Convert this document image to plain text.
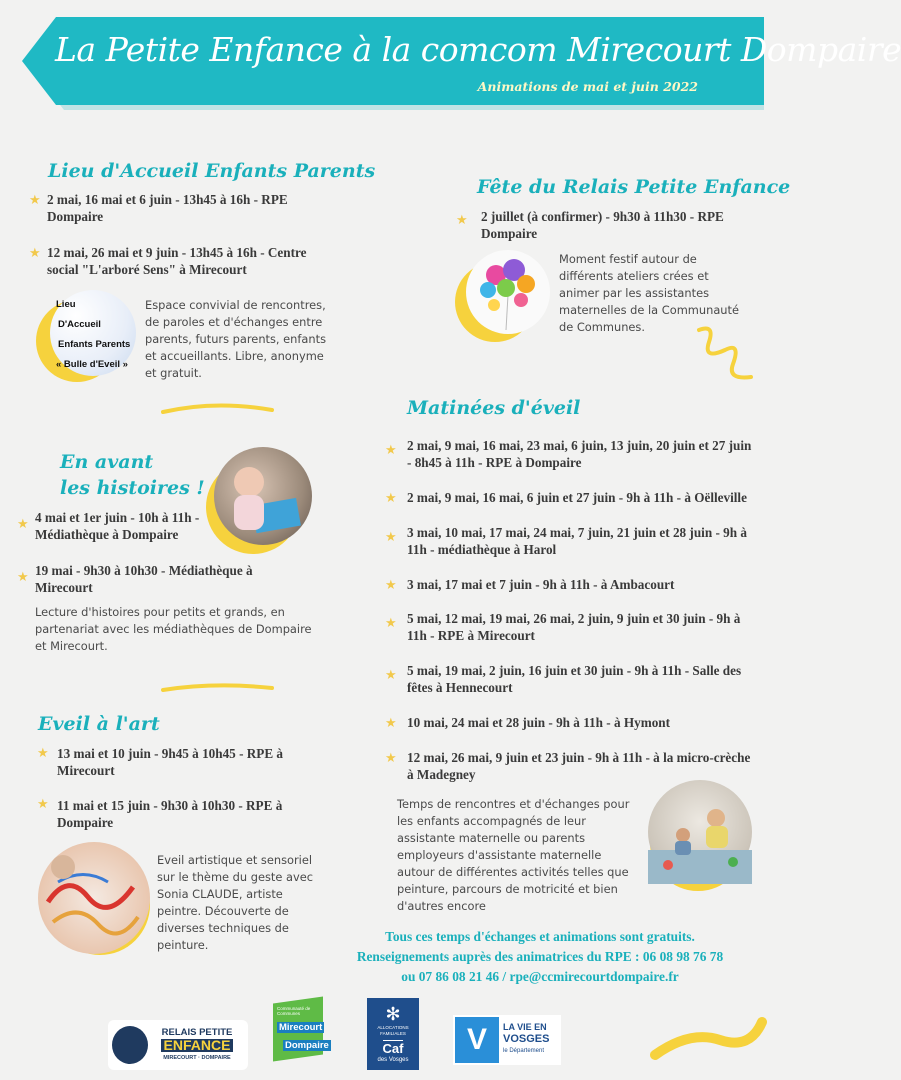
La Petite Enfance à la comcom Mirecourt Dompaire
Animations de mai et juin 2022
Lieu d'Accueil Enfants Parents
★ 2 mai, 16 mai et 6 juin - 13h45 à 16h - RPE Dompaire
★ 12 mai, 26 mai et 9 juin - 13h45 à 16h - Centre social "L'arboré Sens" à Mirecourt
Lieu
D'Accueil
Enfants Parents
« Bulle d'Eveil »
Espace convivial de rencontres, de paroles et d'échanges entre parents, futurs parents, enfants et accueillants. Libre, anonyme et gratuit.
Fête du Relais Petite Enfance
★ 2 juillet (à confirmer) - 9h30 à 11h30 - RPE Dompaire
Moment festif autour de différents ateliers crées et animer par les assistantes maternelles de la Communauté de Communes.
En avant
les histoires !
★ 4 mai et 1er juin - 10h à 11h - Médiathèque à Dompaire
★ 19 mai - 9h30 à 10h30 - Médiathèque à Mirecourt
Lecture d'histoires pour petits et grands, en partenariat avec les médiathèques de Dompaire et Mirecourt.
Eveil à l'art
★ 13 mai et 10 juin - 9h45 à 10h45 - RPE à Mirecourt
★ 11 mai et 15 juin - 9h30 à 10h30 - RPE à Dompaire
Eveil artistique et sensoriel sur le thème du geste avec Sonia CLAUDE, artiste peintre. Découverte de diverses techniques de peinture.
Matinées d'éveil
★ 2 mai, 9 mai, 16 mai, 23 mai, 6 juin, 13 juin, 20 juin et 27 juin - 8h45 à 11h - RPE à Dompaire
★ 2 mai, 9 mai, 16 mai, 6 juin et 27 juin - 9h à 11h - à Oëlleville
★ 3 mai, 10 mai, 17 mai, 24 mai, 7 juin, 21 juin et 28 juin - 9h à 11h - médiathèque à Harol
★ 3 mai, 17 mai et 7 juin - 9h à 11h - à Ambacourt
★ 5 mai, 12 mai, 19 mai, 26 mai, 2 juin, 9 juin et 30 juin - 9h à 11h - RPE à Mirecourt
★ 5 mai, 19 mai, 2 juin, 16 juin et 30 juin - 9h à 11h - Salle des fêtes à Hennecourt
★ 10 mai, 24 mai et 28 juin - 9h à 11h - à Hymont
★ 12 mai, 26 mai, 9 juin et 23 juin - 9h à 11h - à la micro-crèche à Madegney
Temps de rencontres et d'échanges pour les enfants accompagnés de leur assistante maternelle ou parents employeurs d'assistante maternelle autour de différentes activités telles que peinture, parcours de motricité et bien d'autres encore
Tous ces temps d'échanges et animations sont gratuits.
Renseignements auprès des animatrices du RPE : 06 08 98 76 78
ou 07 86 08 21 46 / rpe@ccmirecourtdompaire.fr
RELAIS PETITE
ENFANCE
MIRECOURT · DOMPAIRE
Communauté de Communes
Mirecourt
Dompaire
✻
ALLOCATIONS FAMILIALES
Caf
des Vosges
V	LA VIE EN
VOSGES
le Département
